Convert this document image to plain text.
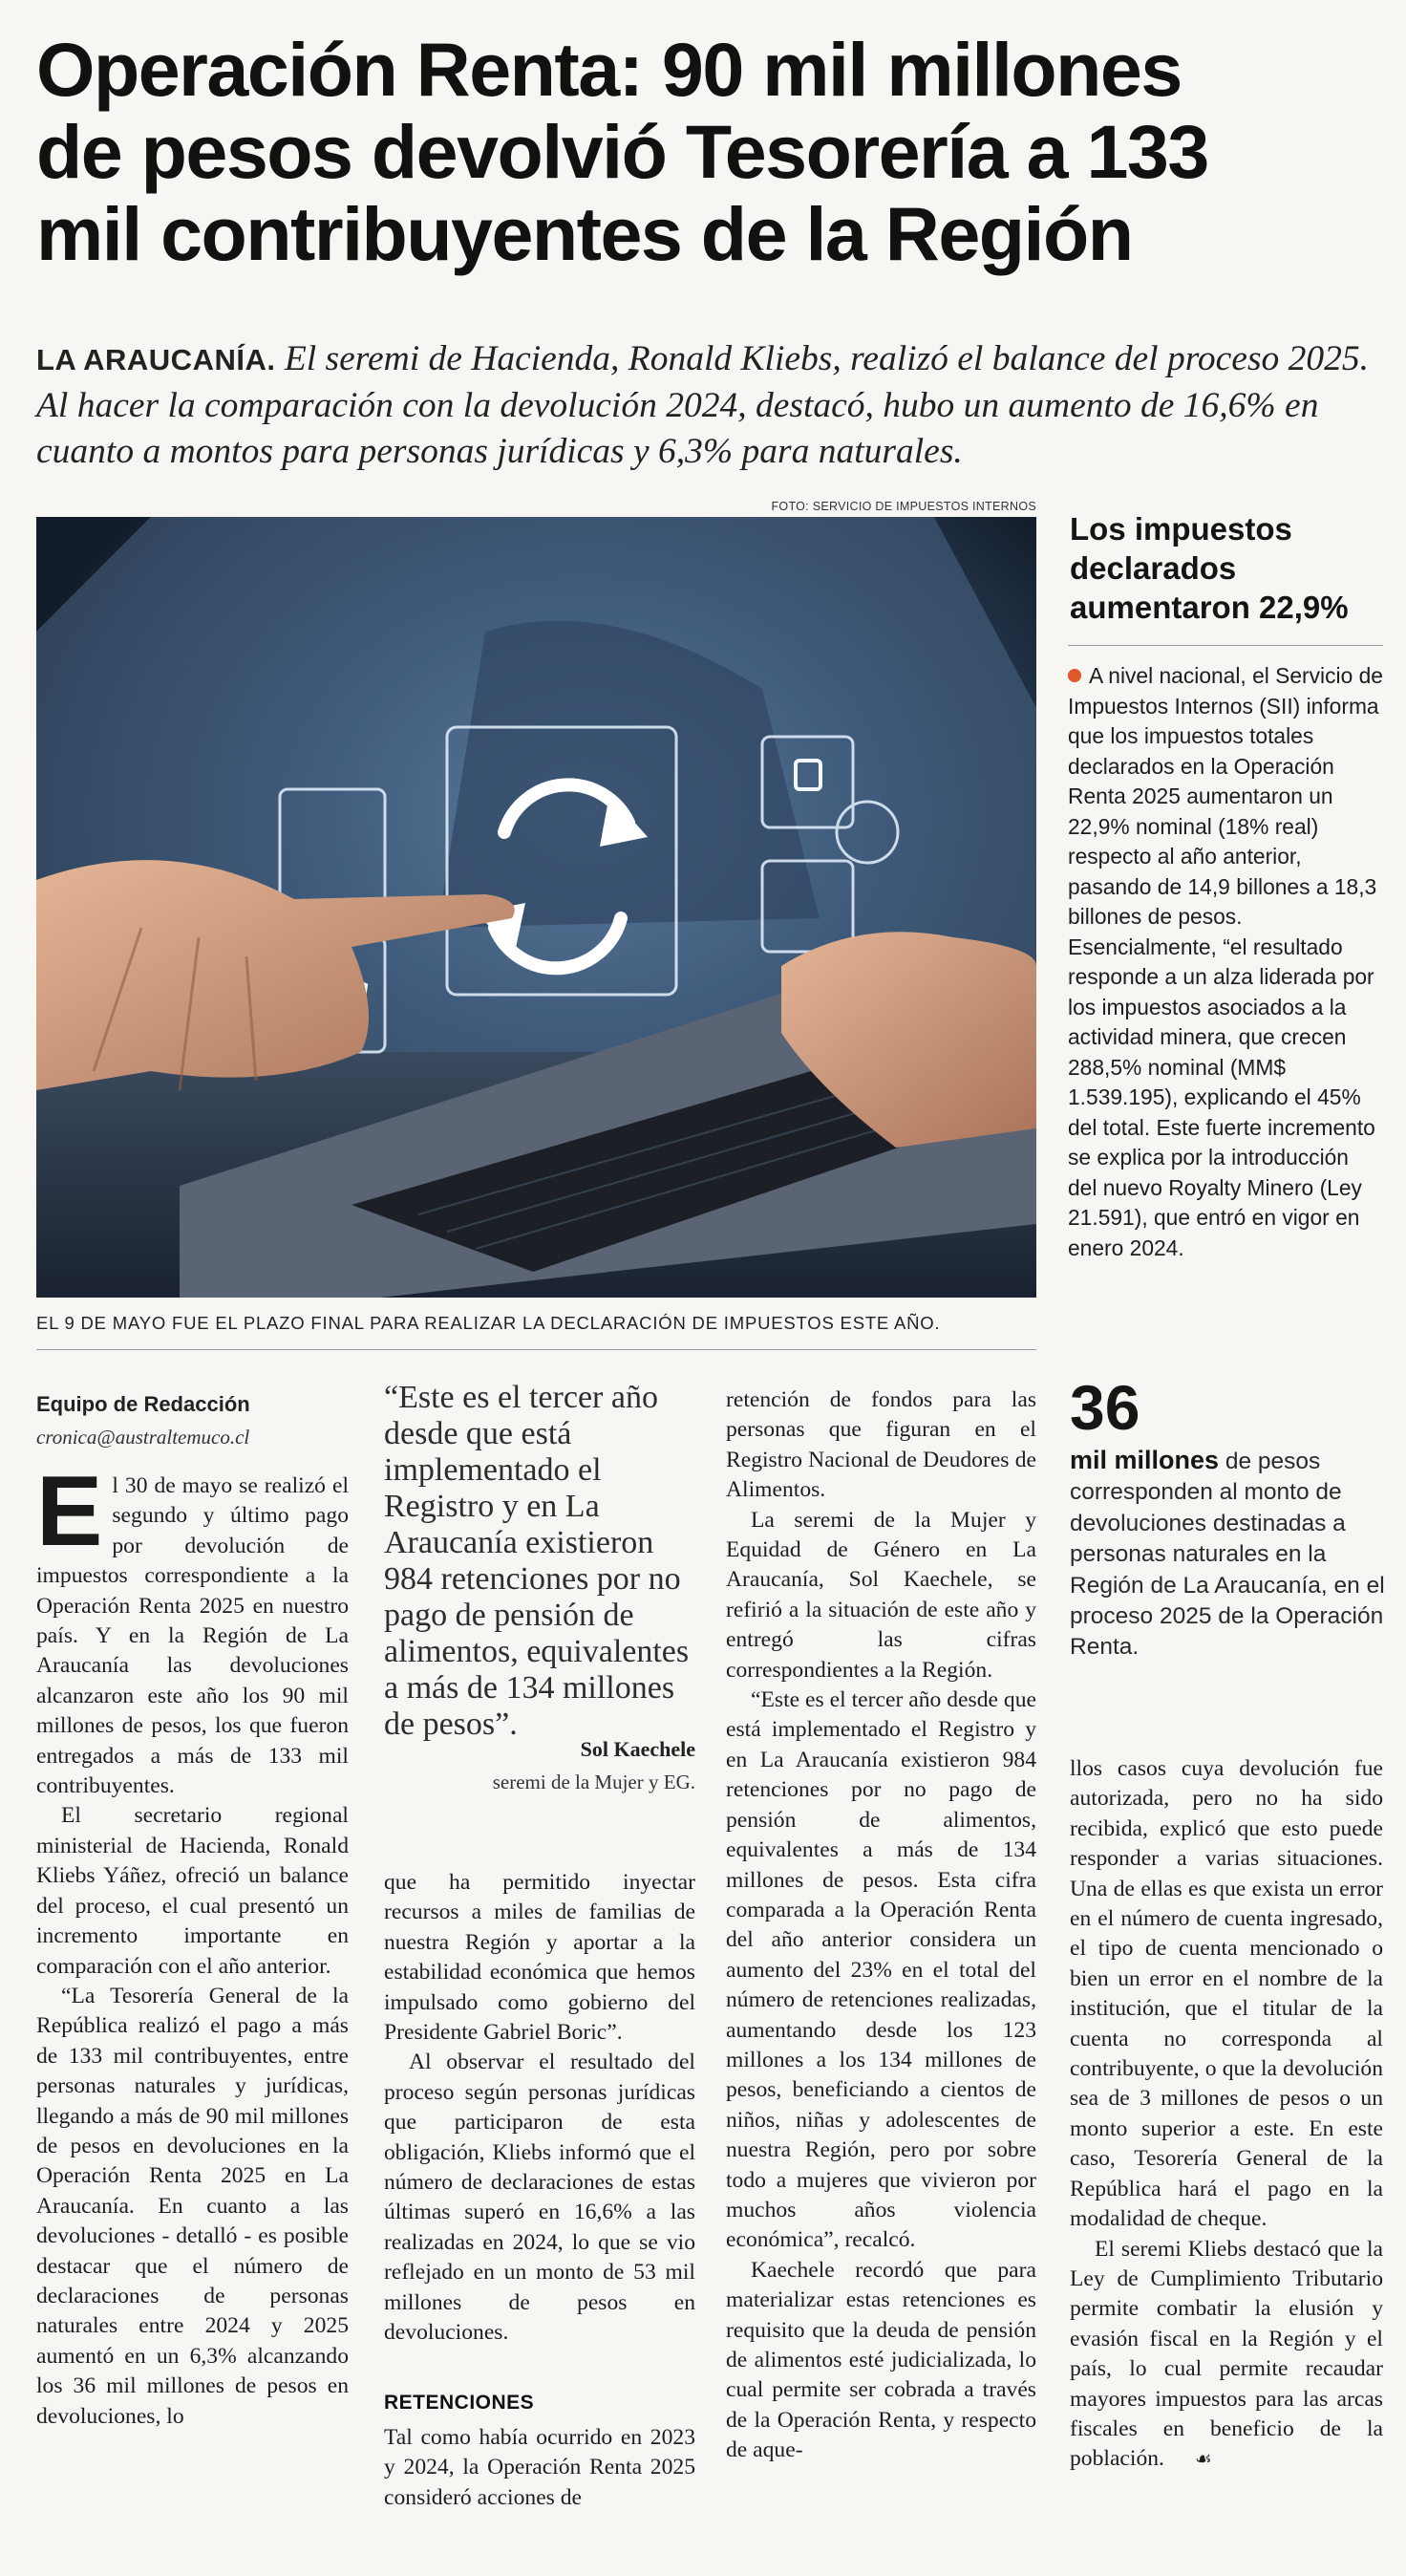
Operación Renta: 90 mil millones
de pesos devolvió Tesorería a 133
mil contribuyentes de la Región
LA ARAUCANÍA. El seremi de Hacienda, Ronald Kliebs, realizó el balance del proceso 2025. Al hacer la comparación con la devolución 2024, destacó, hubo un aumento de 16,6% en cuanto a montos para personas jurídicas y 6,3% para naturales.
FOTO: SERVICIO DE IMPUESTOS INTERNOS
EL 9 DE MAYO FUE EL PLAZO FINAL PARA REALIZAR LA DECLARACIÓN DE IMPUESTOS ESTE AÑO.
Los impuestos declarados aumentaron 22,9%
A nivel nacional, el Servicio de Impuestos Internos (SII) informa que los impuestos totales declarados en la Operación Renta 2025 aumentaron un 22,9% nominal (18% real) respecto al año anterior, pasando de 14,9 billones a 18,3 billones de pesos. Esencialmente, “el resultado responde a un alza liderada por los impuestos asociados a la actividad minera, que crecen 288,5% nominal (MM$ 1.539.195), explicando el 45% del total. Este fuerte incremento se explica por la introducción del nuevo Royalty Minero (Ley 21.591), que entró en vigor en enero 2024.
Equipo de Redacción
cronica@australtemuco.cl

El 30 de mayo se realizó el segundo y último pago por devolución de impuestos correspondiente a la Operación Renta 2025 en nuestro país. Y en la Región de La Araucanía las devoluciones alcanzaron este año los 90 mil millones de pesos, los que fueron entregados a más de 133 mil contribuyentes.

El secretario regional ministerial de Hacienda, Ronald Kliebs Yáñez, ofreció un balance del proceso, el cual presentó un incremento importante en comparación con el año anterior.

“La Tesorería General de la República realizó el pago a más de 133 mil contribuyentes, entre personas naturales y jurídicas, llegando a más de 90 mil millones de pesos en devoluciones en la Operación Renta 2025 en La Araucanía. En cuanto a las devoluciones - detalló - es posible destacar que el número de declaraciones de personas naturales entre 2024 y 2025 aumentó en un 6,3% alcanzando los 36 mil millones de pesos en devoluciones, lo

“Este es el tercer año desde que está implementado el Registro y en La Araucanía existieron 984 retenciones por no pago de pensión de alimentos, equivalentes a más de 134 millones de pesos”.
Sol Kaechele
seremi de la Mujer y EG.

que ha permitido inyectar recursos a miles de familias de nuestra Región y aportar a la estabilidad económica que hemos impulsado como gobierno del Presidente Gabriel Boric”.

Al observar el resultado del proceso según personas jurídicas que participaron de esta obligación, Kliebs informó que el número de declaraciones de estas últimas superó en 16,6% a las realizadas en 2024, lo que se vio reflejado en un monto de 53 mil millones de pesos en devoluciones.

RETENCIONES

Tal como había ocurrido en 2023 y 2024, la Operación Renta 2025 consideró acciones de

retención de fondos para las personas que figuran en el Registro Nacional de Deudores de Alimentos.

La seremi de la Mujer y Equidad de Género en La Araucanía, Sol Kaechele, se refirió a la situación de este año y entregó las cifras correspondientes a la Región.

“Este es el tercer año desde que está implementado el Registro y en La Araucanía existieron 984 retenciones por no pago de pensión de alimentos, equivalentes a más de 134 millones de pesos. Esta cifra comparada a la Operación Renta del año anterior considera un aumento del 23% en el total del número de retenciones realizadas, aumentando desde los 123 millones a los 134 millones de pesos, beneficiando a cientos de niños, niñas y adolescentes de nuestra Región, pero por sobre todo a mujeres que vivieron por muchos años violencia económica”, recalcó.

Kaechele recordó que para materializar estas retenciones es requisito que la deuda de pensión de alimentos esté judicializada, lo cual permite ser cobrada a través de la Operación Renta, y respecto de aque-

36
mil millones de pesos corresponden al monto de devoluciones destinadas a personas naturales en la Región de La Araucanía, en el proceso 2025 de la Operación Renta.

llos casos cuya devolución fue autorizada, pero no ha sido recibida, explicó que esto puede responder a varias situaciones. Una de ellas es que exista un error en el número de cuenta ingresado, el tipo de cuenta mencionado o bien un error en el nombre de la institución, que el titular de la cuenta no corresponda al contribuyente, o que la devolución sea de 3 millones de pesos o un monto superior a este. En este caso, Tesorería General de la República hará el pago en la modalidad de cheque.

El seremi Kliebs destacó que la Ley de Cumplimiento Tributario permite combatir la elusión y evasión fiscal en la Región y el país, lo cual permite recaudar mayores impuestos para las arcas fiscales en beneficio de la población. ☙
